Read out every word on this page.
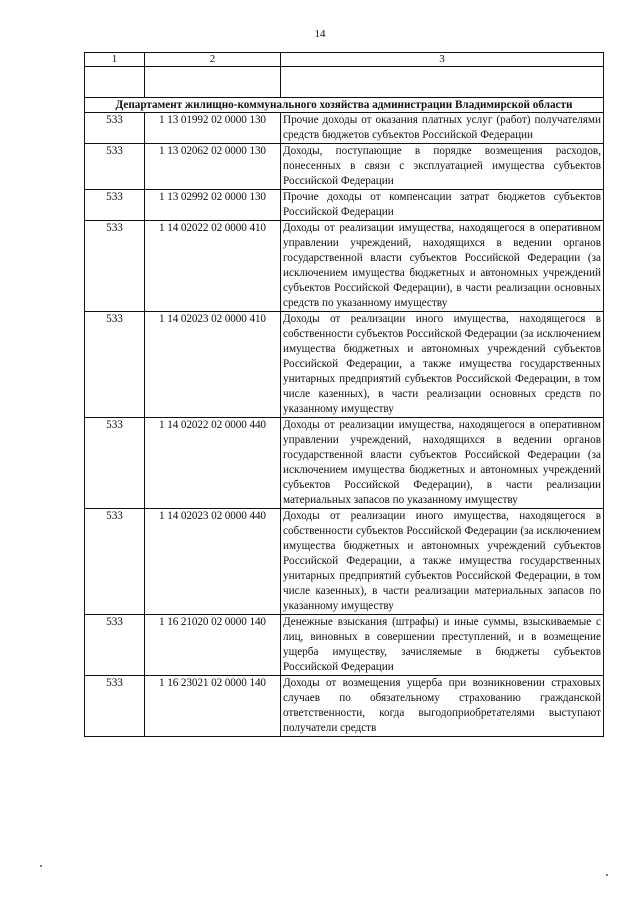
14
1	2	3

Департамент жилищно-коммунального хозяйства администрации Владимирской области		
533	1 13 01992 02 0000 130	Прочие доходы от оказания платных услуг (работ) получателями средств бюджетов субъектов Российской Федерации
533	1 13 02062 02 0000 130	Доходы, поступающие в порядке возмещения расходов, понесенных в связи с эксплуатацией имущества субъектов Российской Федерации
533	1 13 02992 02 0000 130	Прочие доходы от компенсации затрат бюджетов субъектов Российской Федерации
533	1 14 02022 02 0000 410	Доходы от реализации имущества, находящегося в оперативном управлении учреждений, находящихся в ведении органов государственной власти субъектов Российской Федерации (за исключением имущества бюджетных и автономных учреждений субъектов Российской Федерации), в части реализации основных средств по указанному имуществу
533	1 14 02023 02 0000 410	Доходы от реализации иного имущества, находящегося в собственности субъектов Российской Федерации (за исключением имущества бюджетных и автономных учреждений субъектов Российской Федерации, а также имущества государственных унитарных предприятий субъектов Российской Федерации, в том числе казенных), в части реализации основных средств по указанному имуществу
533	1 14 02022 02 0000 440	Доходы от реализации имущества, находящегося в оперативном управлении учреждений, находящихся в ведении органов государственной власти субъектов Российской Федерации (за исключением имущества бюджетных и автономных учреждений субъектов Российской Федерации), в части реализации материальных запасов по указанному имуществу
533	1 14 02023 02 0000 440	Доходы от реализации иного имущества, находящегося в собственности субъектов Российской Федерации (за исключением имущества бюджетных и автономных учреждений субъектов Российской Федерации, а также имущества государственных унитарных предприятий субъектов Российской Федерации, в том числе казенных), в части реализации материальных запасов по указанному имуществу
533	1 16 21020 02 0000 140	Денежные взыскания (штрафы) и иные суммы, взыскиваемые с лиц, виновных в совершении преступлений, и в возмещение ущерба имуществу, зачисляемые в бюджеты субъектов Российской Федерации
533	1 16 23021 02 0000 140	Доходы от возмещения ущерба при возникновении страховых случаев по обязательному страхованию гражданской ответственности, когда выгодоприобретателями выступают получатели средств
